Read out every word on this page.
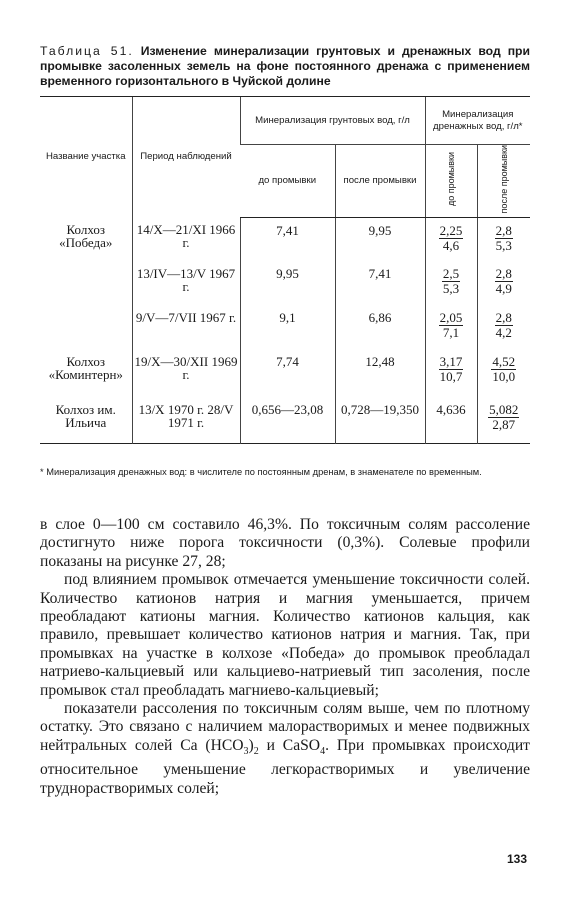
Таблица 51. Изменение минерализации грунтовых и дренажных вод при промывке засоленных земель на фоне постоянного дренажа с применением временного горизонтального в Чуйской долине
Название участка	Период наблюдений	Минерализация грунтовых вод, г/л		Минерализация дренажных вод, г/л*	
		до промывки	после промывки	до промывки	после промывки
Колхоз «Победа»	14/X—21/XI 1966 г.	7,41	9,95	$\frac{2,25}{4,6}$	$\frac{2,8}{5,3}$

	13/IV—13/V 1967 г.	9,95	7,41	$\frac{2,5}{5,3}$	$\frac{2,8}{4,9}$

	9/V—7/VII 1967 г.	9,1	6,86	$\frac{2,05}{7,1}$	$\frac{2,8}{4,2}$

Колхоз «Коминтерн»	19/X—30/XII 1969 г.	7,74	12,48	$\frac{3,17}{10,7}$	$\frac{4,52}{10,0}$

Колхоз им. Ильича	13/X 1970 г. 28/V 1971 г.	0,656—23,08	0,728—19,350	4,636	$\frac{5,082}{2,87}$
* Минерализация дренажных вод: в числителе по постоянным дренам, в знаменателе по временным.

в слое 0—100 см составило 46,3%. По токсичным солям рассоление достигнуто ниже порога токсичности (0,3%). Солевые профили показаны на рисунке 27, 28;

под влиянием промывок отмечается уменьшение токсичности солей. Количество катионов натрия и магния уменьшается, причем преобладают катионы магния. Количество катионов кальция, как правило, превышает количество катионов натрия и магния. Так, при промывках на участке в колхозе «Победа» до промывок преобладал натриево-кальциевый или кальциево-натриевый тип засоления, после промывок стал преобладать магниево-кальциевый;

показатели рассоления по токсичным солям выше, чем по плотному остатку. Это связано с наличием малорастворимых и менее подвижных нейтральных солей Ca $(HCO_3)_2$ и CaSO$_4$. При промывках происходит относительное уменьшение легкорастворимых и увеличение труднорастворимых солей;

133
